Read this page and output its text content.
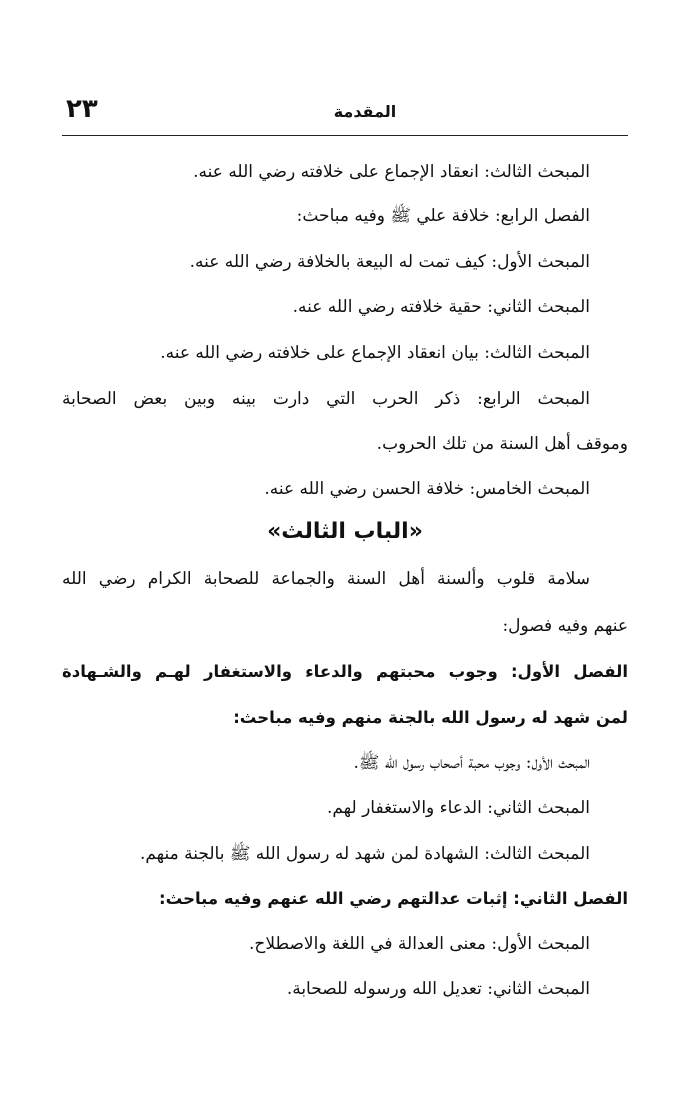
٢٣	المقدمة
المبحث الثالث: انعقاد الإجماع على خلافته رضي الله عنه.
الفصل الرابع: خلافة علي ﷺ وفيه مباحث:
المبحث الأول: كيف تمت له البيعة بالخلافة رضي الله عنه.
المبحث الثاني: حقية خلافته رضي الله عنه.
المبحث الثالث: بيان انعقاد الإجماع على خلافته رضي الله عنه.
المبحث الرابع: ذكر الحرب التي دارت بينه وبين بعض الصحابة
وموقف أهل السنة من تلك الحروب.
المبحث الخامس: خلافة الحسن رضي الله عنه.
«الباب الثالث»
سلامة قلوب وألسنة أهل السنة والجماعة للصحابة الكرام رضي الله
عنهم وفيه فصول:
الفصل الأول: وجوب محبتهم والدعاء والاستغفار لهـم والشـهادة
لمن شهد له رسول الله بالجنة منهم وفيه مباحث:
المبحث الأول: وجوب محبة أصحاب رسول الله ﷺ.
المبحث الثاني: الدعاء والاستغفار لهم.
المبحث الثالث: الشهادة لمن شهد له رسول الله ﷺ بالجنة منهم.
الفصل الثاني: إثبات عدالتهم رضي الله عنهم وفيه مباحث:
المبحث الأول: معنى العدالة في اللغة والاصطلاح.
المبحث الثاني: تعديل الله ورسوله للصحابة.
